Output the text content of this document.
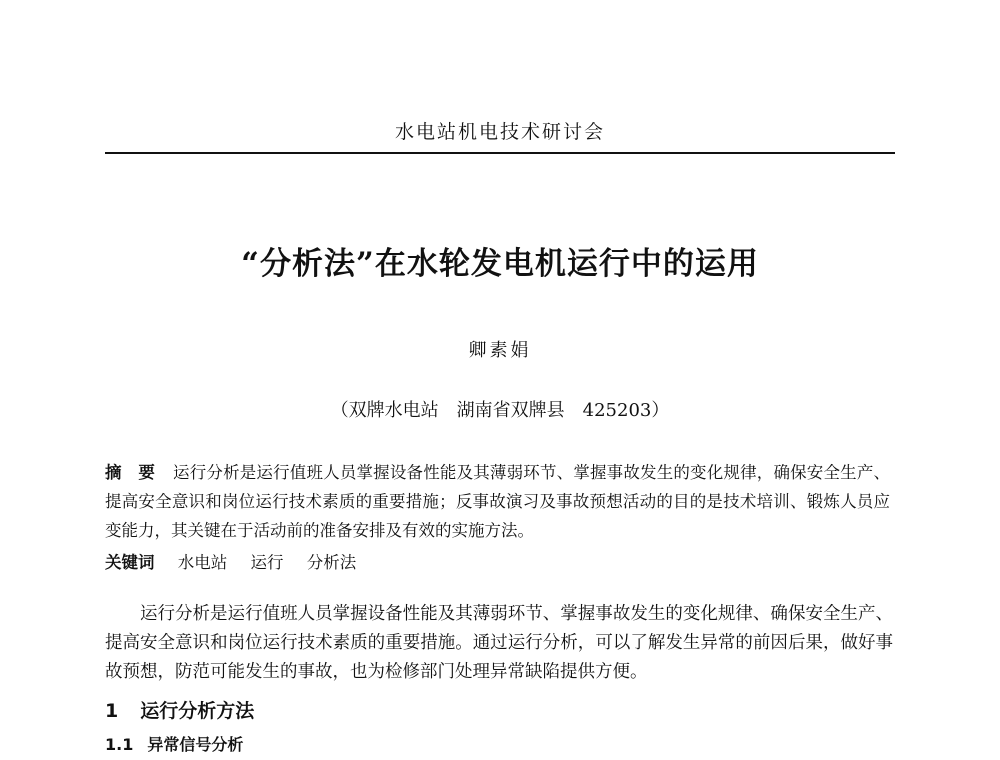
水电站机电技术研讨会
“分析法”在水轮发电机运行中的运用
卿素娟
（双牌水电站　湖南省双牌县　425203）
摘　要 运行分析是运行值班人员掌握设备性能及其薄弱环节、掌握事故发生的变化规律，确保安全生产、提高安全意识和岗位运行技术素质的重要措施；反事故演习及事故预想活动的目的是技术培训、锻炼人员应变能力，其关键在于活动前的准备安排及有效的实施方法。
关键词 水电站 运行 分析法
运行分析是运行值班人员掌握设备性能及其薄弱环节、掌握事故发生的变化规律、确保安全生产、提高安全意识和岗位运行技术素质的重要措施。通过运行分析，可以了解发生异常的前因后果，做好事故预想，防范可能发生的事故，也为检修部门处理异常缺陷提供方便。
1 运行分析方法
1.1 异常信号分析
